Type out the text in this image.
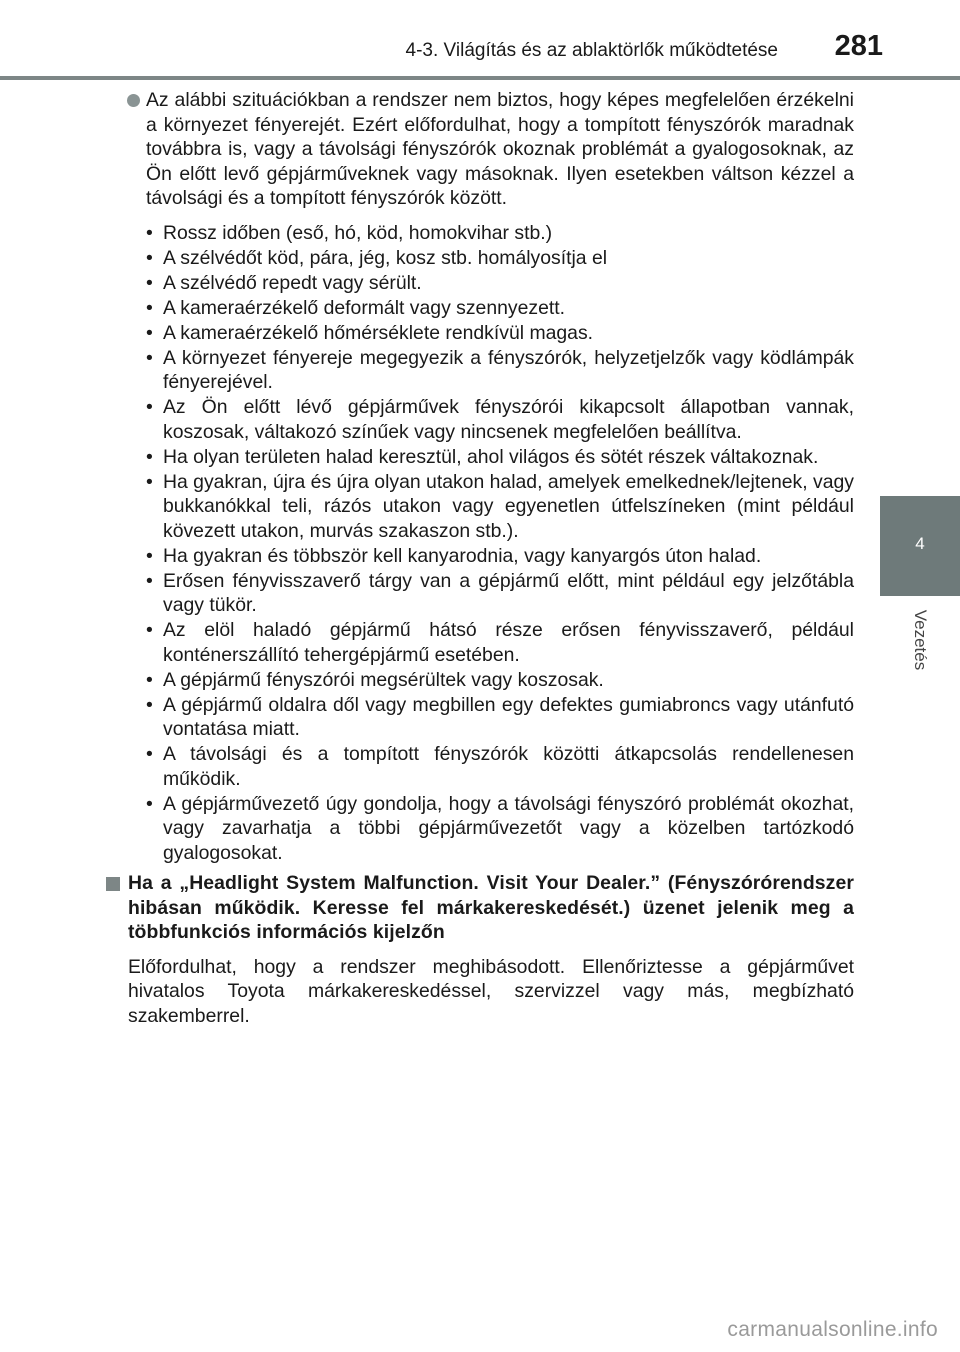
4-3. Világítás és az ablaktörlők működtetése 281
4
Vezetés
Az alábbi szituációkban a rendszer nem biztos, hogy képes megfelelően érzékelni a környezet fényerejét. Ezért előfordulhat, hogy a tompított fényszórók maradnak továbbra is, vagy a távolsági fényszórók okoznak problémát a gyalogosoknak, az Ön előtt levő gépjárműveknek vagy másoknak. Ilyen esetekben váltson kézzel a távolsági és a tompított fényszórók között.
• Rossz időben (eső, hó, köd, homokvihar stb.)
• A szélvédőt köd, pára, jég, kosz stb. homályosítja el
• A szélvédő repedt vagy sérült.
• A kameraérzékelő deformált vagy szennyezett.
• A kameraérzékelő hőmérséklete rendkívül magas.
• A környezet fényereje megegyezik a fényszórók, helyzetjelzők vagy ködlámpák fényerejével.
• Az Ön előtt lévő gépjárművek fényszórói kikapcsolt állapotban vannak, koszosak, váltakozó színűek vagy nincsenek megfelelően beállítva.
• Ha olyan területen halad keresztül, ahol világos és sötét részek váltakoznak.
• Ha gyakran, újra és újra olyan utakon halad, amelyek emelkednek/lejtenek, vagy bukkanókkal teli, rázós utakon vagy egyenetlen útfelszíneken (mint például kövezett utakon, murvás szakaszon stb.).
• Ha gyakran és többször kell kanyarodnia, vagy kanyargós úton halad.
• Erősen fényvisszaverő tárgy van a gépjármű előtt, mint például egy jelzőtábla vagy tükör.
• Az elöl haladó gépjármű hátsó része erősen fényvisszaverő, például konténerszállító tehergépjármű esetében.
• A gépjármű fényszórói megsérültek vagy koszosak.
• A gépjármű oldalra dől vagy megbillen egy defektes gumiabroncs vagy utánfutó vontatása miatt.
• A távolsági és a tompított fényszórók közötti átkapcsolás rendellenesen működik.
• A gépjárművezető úgy gondolja, hogy a távolsági fényszóró problémát okozhat, vagy zavarhatja a többi gépjárművezetőt vagy a közelben tartózkodó gyalogosokat.
Ha a „Headlight System Malfunction. Visit Your Dealer.” (Fényszórórendszer hibásan működik. Keresse fel márkakereskedését.) üzenet jelenik meg a többfunkciós információs kijelzőn
Előfordulhat, hogy a rendszer meghibásodott. Ellenőriztesse a gépjárművet hivatalos Toyota márkakereskedéssel, szervizzel vagy más, megbízható szakemberrel.
carmanualsonline.info
